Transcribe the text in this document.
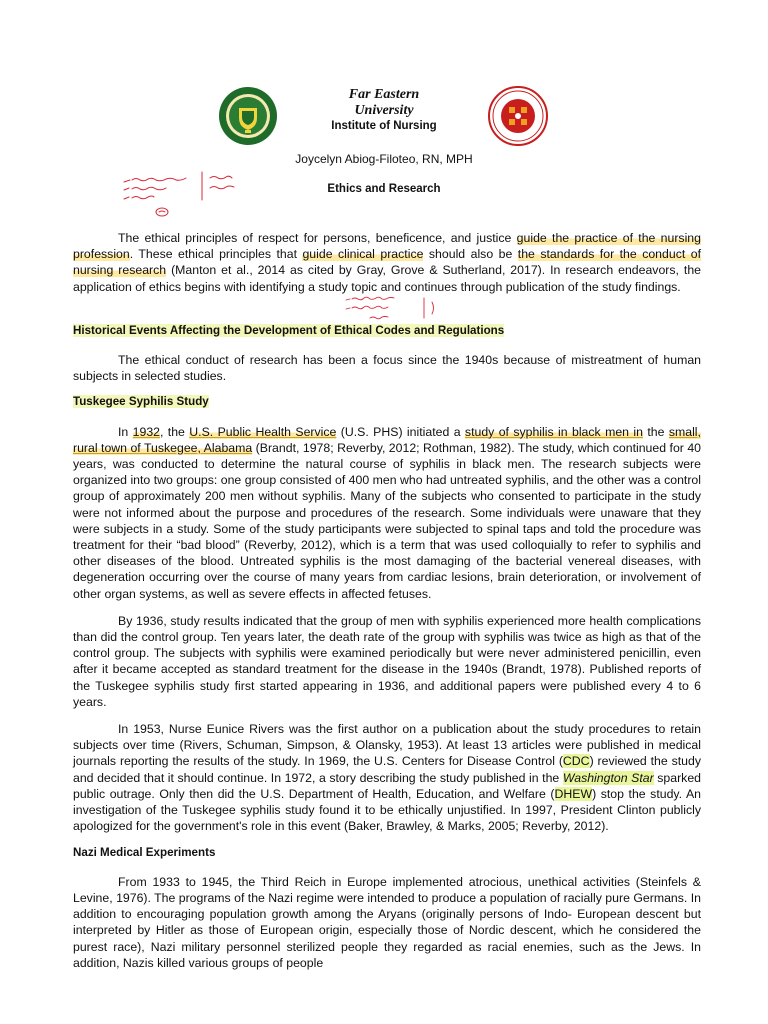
Far Eastern

University

Institute of Nursing

Joycelyn Abiog-Filoteo, RN, MPH

Ethics and Research

The ethical principles of respect for persons, beneficence, and justice guide the practice of the nursing profession. These ethical principles that guide clinical practice should also be the standards for the conduct of nursing research (Manton et al., 2014 as cited by Gray, Grove & Sutherland, 2017). In research endeavors, the application of ethics begins with identifying a study topic and continues through publication of the study findings.

Historical Events Affecting the Development of Ethical Codes and Regulations

The ethical conduct of research has been a focus since the 1940s because of mistreatment of human subjects in selected studies.

Tuskegee Syphilis Study

In 1932, the U.S. Public Health Service (U.S. PHS) initiated a study of syphilis in black men in the small, rural town of Tuskegee, Alabama (Brandt, 1978; Reverby, 2012; Rothman, 1982). The study, which continued for 40 years, was conducted to determine the natural course of syphilis in black men. The research subjects were organized into two groups: one group consisted of 400 men who had untreated syphilis, and the other was a control group of approximately 200 men without syphilis. Many of the subjects who consented to participate in the study were not informed about the purpose and procedures of the research. Some individuals were unaware that they were subjects in a study. Some of the study participants were subjected to spinal taps and told the procedure was treatment for their “bad blood” (Reverby, 2012), which is a term that was used colloquially to refer to syphilis and other diseases of the blood. Untreated syphilis is the most damaging of the bacterial venereal diseases, with degeneration occurring over the course of many years from cardiac lesions, brain deterioration, or involvement of other organ systems, as well as severe effects in affected fetuses.

By 1936, study results indicated that the group of men with syphilis experienced more health complications than did the control group. Ten years later, the death rate of the group with syphilis was twice as high as that of the control group. The subjects with syphilis were examined periodically but were never administered penicillin, even after it became accepted as standard treatment for the disease in the 1940s (Brandt, 1978). Published reports of the Tuskegee syphilis study first started appearing in 1936, and additional papers were published every 4 to 6 years.

In 1953, Nurse Eunice Rivers was the first author on a publication about the study procedures to retain subjects over time (Rivers, Schuman, Simpson, & Olansky, 1953). At least 13 articles were published in medical journals reporting the results of the study. In 1969, the U.S. Centers for Disease Control (CDC) reviewed the study and decided that it should continue. In 1972, a story describing the study published in the Washington Star sparked public outrage. Only then did the U.S. Department of Health, Education, and Welfare (DHEW) stop the study. An investigation of the Tuskegee syphilis study found it to be ethically unjustified. In 1997, President Clinton publicly apologized for the government's role in this event (Baker, Brawley, & Marks, 2005; Reverby, 2012).

Nazi Medical Experiments

From 1933 to 1945, the Third Reich in Europe implemented atrocious, unethical activities (Steinfels & Levine, 1976). The programs of the Nazi regime were intended to produce a population of racially pure Germans. In addition to encouraging population growth among the Aryans (originally persons of Indo- European descent but interpreted by Hitler as those of European origin, especially those of Nordic descent, which he considered the purest race), Nazi military personnel sterilized people they regarded as racial enemies, such as the Jews. In addition, Nazis killed various groups of people
